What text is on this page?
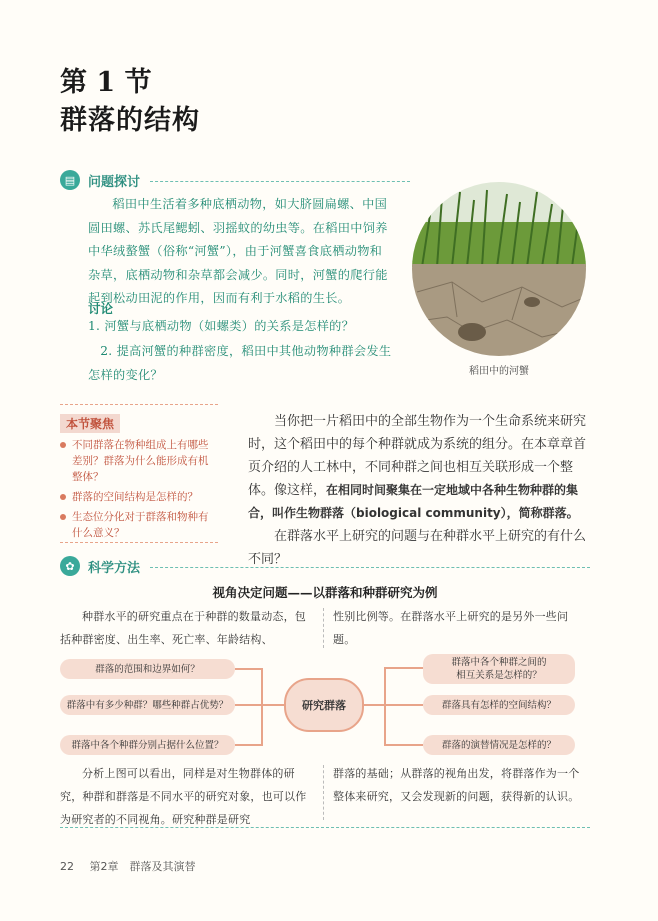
第 1 节
群落的结构
▤ 问题探讨
稻田中生活着多种底栖动物，如大脐圆扁螺、中国圆田螺、苏氏尾鳃蚓、羽摇蚊的幼虫等。在稻田中饲养中华绒螯蟹（俗称“河蟹”），由于河蟹喜食底栖动物和杂草，底栖动物和杂草都会减少。同时，河蟹的爬行能起到松动田泥的作用，因而有利于水稻的生长。
讨论
1. 河蟹与底栖动物（如螺类）的关系是怎样的？
2. 提高河蟹的种群密度，稻田中其他动物种群会发生怎样的变化？	稻田中的河蟹
本节聚焦
不同群落在物种组成上有哪些差别？群落为什么能形成有机整体？
群落的空间结构是怎样的？
生态位分化对于群落和物种有什么意义？
当你把一片稻田中的全部生物作为一个生命系统来研究时，这个稻田中的每个种群就成为系统的组分。在本章章首页介绍的人工林中，不同种群之间也相互关联形成一个整体。像这样，在相同时间聚集在一定地域中各种生物种群的集合，叫作生物群落（biological community），简称群落。
在群落水平上研究的问题与在种群水平上研究的有什么不同？
✿	科学方法
视角决定问题——以群落和种群研究为例
种群水平的研究重点在于种群的数量动态，包括种群密度、出生率、死亡率、年龄结构、
性别比例等。在群落水平上研究的是另外一些问题。
群落的范围和边界如何？
群落中有多少种群？哪些种群占优势？
群落中各个种群分别占据什么位置？
研究群落
群落中各个种群之间的
相互关系是怎样的？
群落具有怎样的空间结构？
群落的演替情况是怎样的？
分析上图可以看出，同样是对生物群体的研究，种群和群落是不同水平的研究对象，也可以作为研究者的不同视角。研究种群是研究
群落的基础；从群落的视角出发，将群落作为一个整体来研究，又会发现新的问题，获得新的认识。
22 第2章　群落及其演替
